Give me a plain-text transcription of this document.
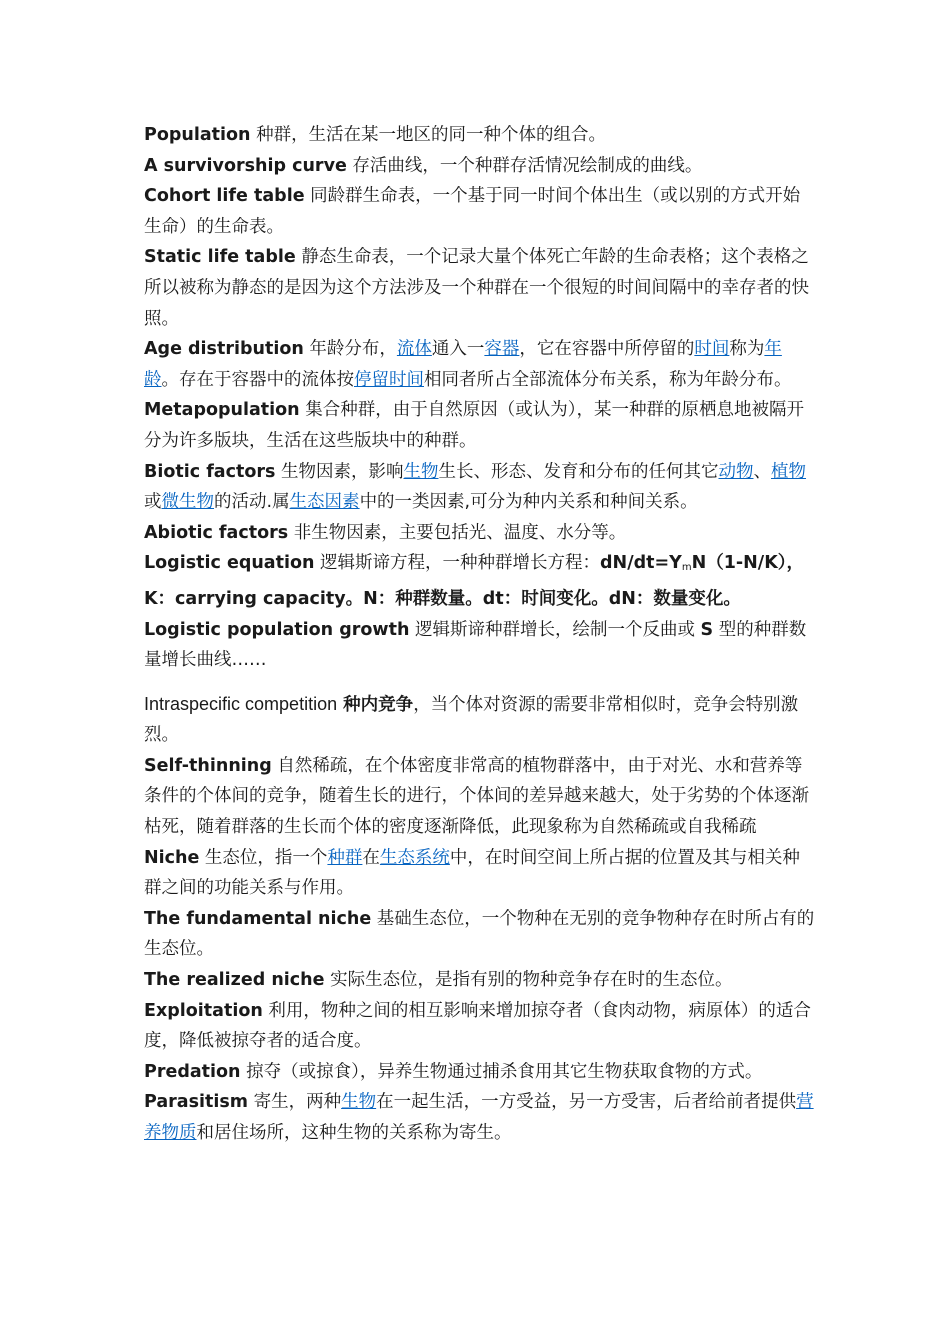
Population 种群，生活在某一地区的同一种个体的组合。

A survivorship curve 存活曲线，一个种群存活情况绘制成的曲线。

Cohort life table 同龄群生命表，一个基于同一时间个体出生（或以别的方式开始生命）的生命表。

Static life table 静态生命表，一个记录大量个体死亡年龄的生命表格；这个表格之所以被称为静态的是因为这个方法涉及一个种群在一个很短的时间间隔中的幸存者的快照。

Age distribution 年龄分布，流体通入一容器，它在容器中所停留的时间称为年龄。存在于容器中的流体按停留时间相同者所占全部流体分布关系，称为年龄分布。

Metapopulation 集合种群，由于自然原因（或认为），某一种群的原栖息地被隔开分为许多版块，生活在这些版块中的种群。

Biotic factors 生物因素，影响生物生长、形态、发育和分布的任何其它动物、植物或微生物的活动.属生态因素中的一类因素,可分为种内关系和种间关系。

Abiotic factors 非生物因素，主要包括光、温度、水分等。

Logistic equation 逻辑斯谛方程，一种种群增长方程：$dN/dt=Y_mN(1-N/K)$，K：carrying capacity。N：种群数量。dt：时间变化。dN：数量变化。

Logistic population growth 逻辑斯谛种群增长，绘制一个反曲或 S 型的种群数量增长曲线……

Intraspecific competition 种内竞争，当个体对资源的需要非常相似时，竞争会特别激烈。

Self-thinning 自然稀疏，在个体密度非常高的植物群落中，由于对光、水和营养等条件的个体间的竞争，随着生长的进行，个体间的差异越来越大，处于劣势的个体逐渐枯死，随着群落的生长而个体的密度逐渐降低，此现象称为自然稀疏或自我稀疏

Niche 生态位，指一个种群在生态系统中，在时间空间上所占据的位置及其与相关种群之间的功能关系与作用。

The fundamental niche 基础生态位，一个物种在无别的竞争物种存在时所占有的生态位。

The realized niche 实际生态位，是指有别的物种竞争存在时的生态位。

Exploitation 利用，物种之间的相互影响来增加掠夺者（食肉动物，病原体）的适合度，降低被掠夺者的适合度。

Predation 掠夺（或掠食），异养生物通过捕杀食用其它生物获取食物的方式。

Parasitism 寄生，两种生物在一起生活，一方受益，另一方受害，后者给前者提供营养物质和居住场所，这种生物的关系称为寄生。
